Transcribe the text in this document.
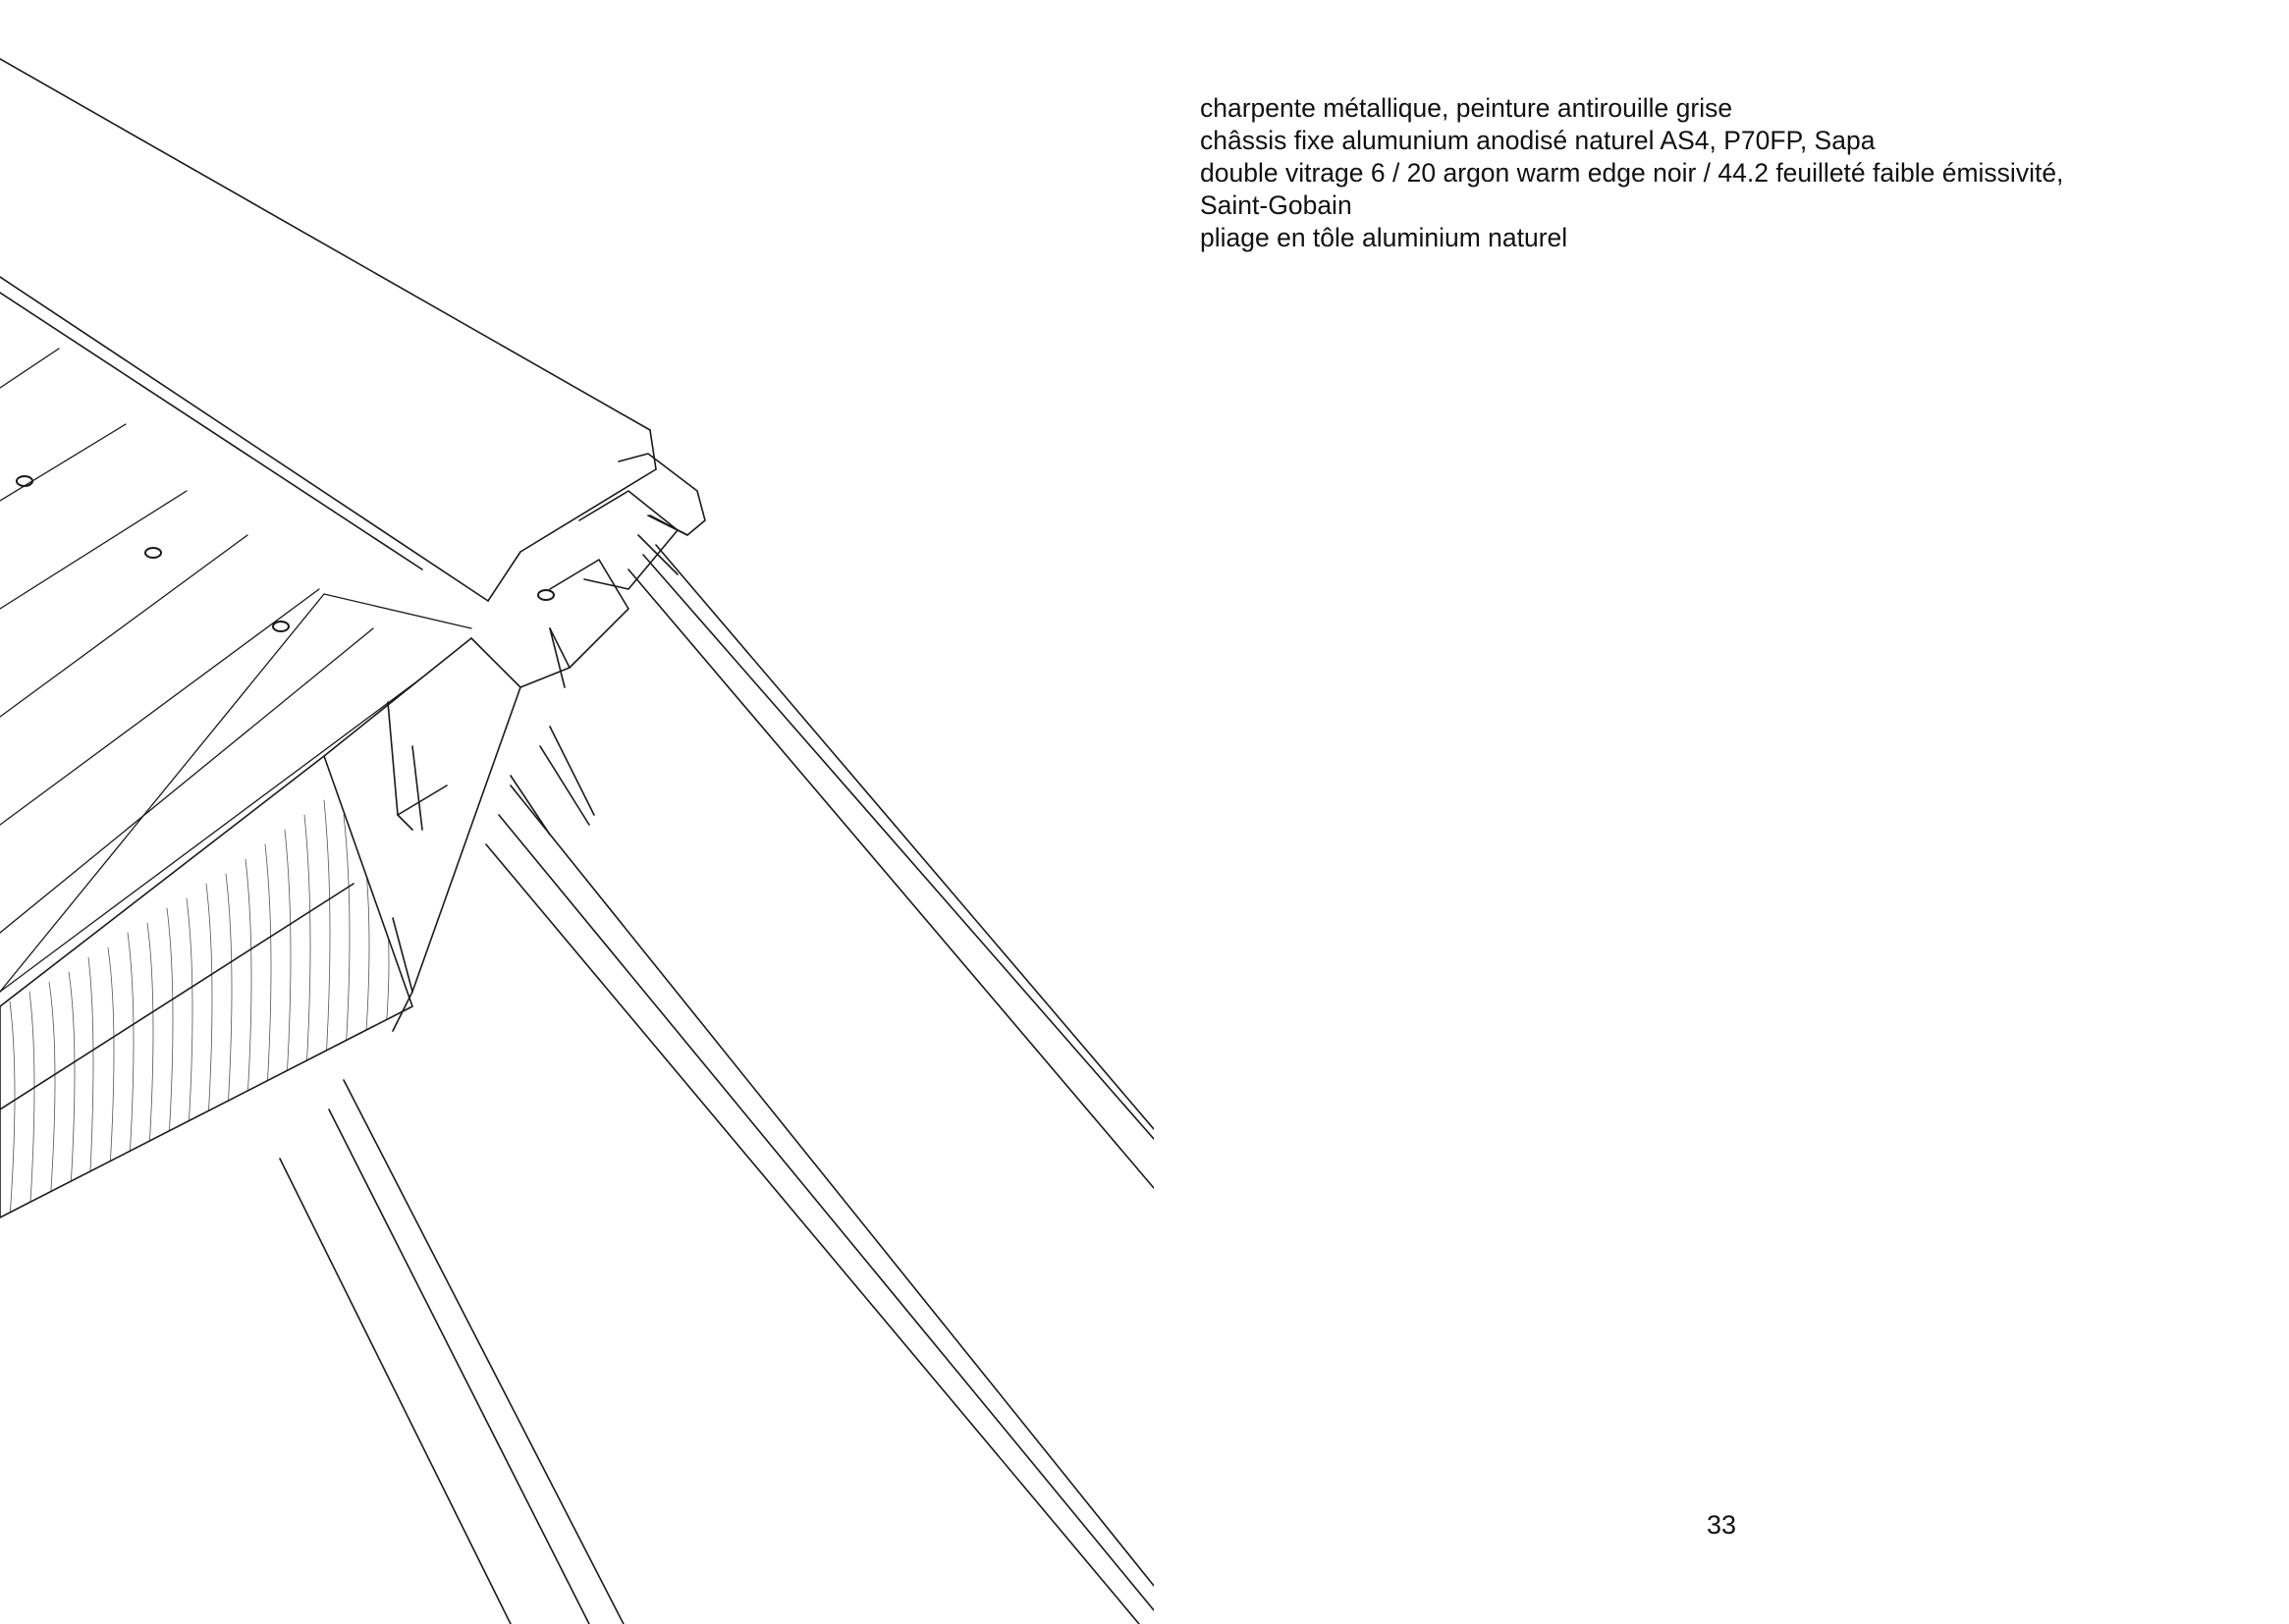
charpente métallique, peinture antirouille grise

châssis fixe alumunium anodisé naturel AS4, P70FP, Sapa

double vitrage 6 / 20 argon warm edge noir / 44.2 feuilleté faible émissivité,

Saint-Gobain

pliage en tôle aluminium naturel

33
